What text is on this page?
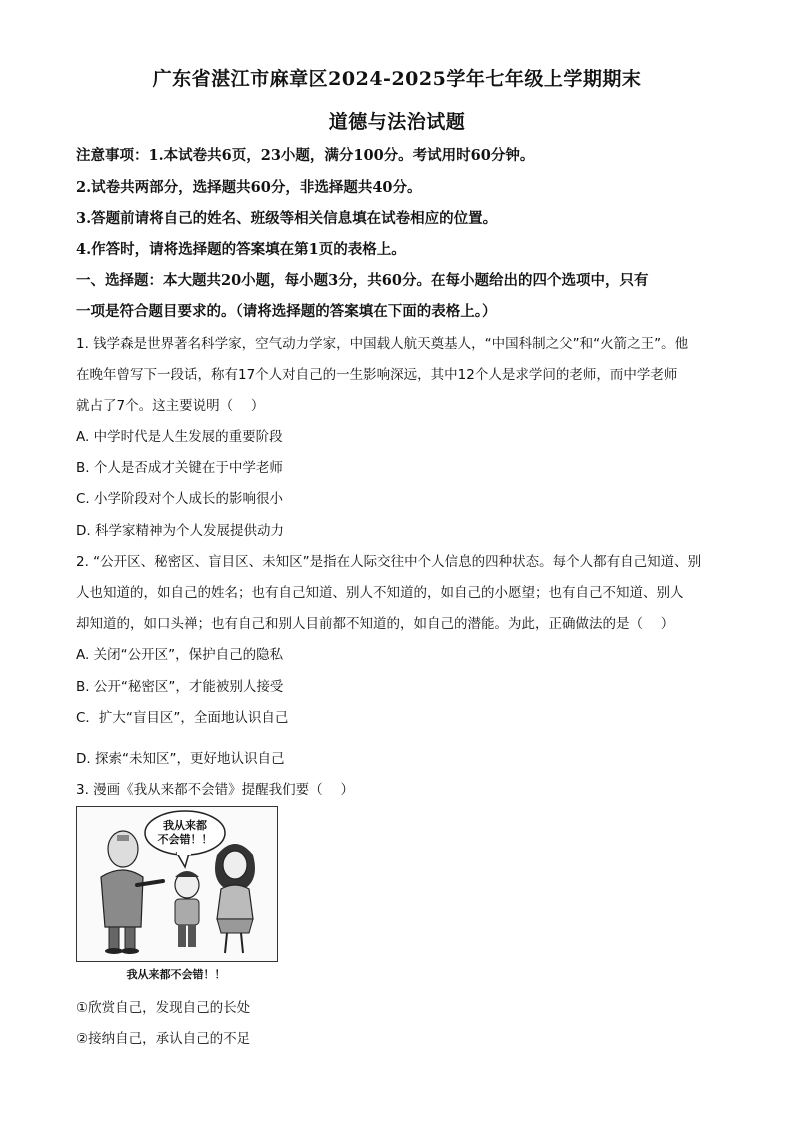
广东省湛江市麻章区2024-2025学年七年级上学期期末
道德与法治试题
注意事项：1.本试卷共6页，23小题，满分100分。考试用时60分钟。
2.试卷共两部分，选择题共60分，非选择题共40分。
3.答题前请将自己的姓名、班级等相关信息填在试卷相应的位置。
4.作答时，请将选择题的答案填在第1页的表格上。
一、选择题：本大题共20小题，每小题3分，共60分。在每小题给出的四个选项中，只有
一项是符合题目要求的。（请将选择题的答案填在下面的表格上。）
1. 钱学森是世界著名科学家，空气动力学家，中国载人航天奠基人，“中国科制之父”和“火箭之王”。他
在晚年曾写下一段话，称有17个人对自己的一生影响深远，其中12个人是求学问的老师，而中学老师
就占了7个。这主要说明（　 ）
A. 中学时代是人生发展的重要阶段
B. 个人是否成才关键在于中学老师
C. 小学阶段对个人成长的影响很小
D. 科学家精神为个人发展提供动力
2. “公开区、秘密区、盲目区、未知区”是指在人际交往中个人信息的四种状态。每个人都有自己知道、别
人也知道的，如自己的姓名；也有自己知道、别人不知道的，如自己的小愿望；也有自己不知道、别人
却知道的，如口头禅；也有自己和别人目前都不知道的，如自己的潜能。为此，正确做法的是（　 ）
A. 关闭“公开区”，保护自己的隐私
B. 公开“秘密区”，才能被别人接受
C．扩大“盲目区”，全面地认识自己
D. 探索“未知区”，更好地认识自己
3. 漫画《我从来都不会错》提醒我们要（　 ）
我从来都
不会错！！
我从来都不会错！！
①欣赏自己，发现自己的长处
②接纳自己，承认自己的不足
